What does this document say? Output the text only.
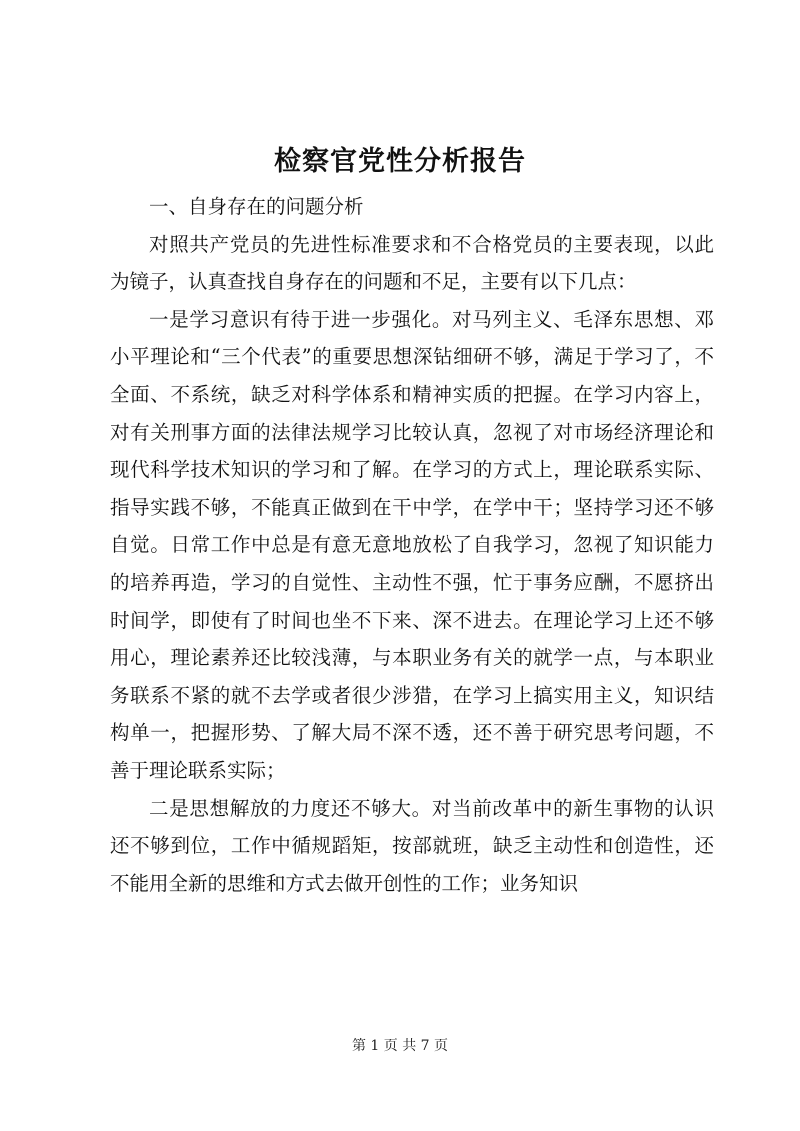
检察官党性分析报告

一、自身存在的问题分析

对照共产党员的先进性标准要求和不合格党员的主要表现，以此为镜子，认真查找自身存在的问题和不足，主要有以下几点：

一是学习意识有待于进一步强化。对马列主义、毛泽东思想、邓小平理论和“三个代表”的重要思想深钻细研不够，满足于学习了，不全面、不系统，缺乏对科学体系和精神实质的把握。在学习内容上，对有关刑事方面的法律法规学习比较认真，忽视了对市场经济理论和现代科学技术知识的学习和了解。在学习的方式上，理论联系实际、指导实践不够，不能真正做到在干中学，在学中干；坚持学习还不够自觉。日常工作中总是有意无意地放松了自我学习，忽视了知识能力的培养再造，学习的自觉性、主动性不强，忙于事务应酬，不愿挤出时间学，即使有了时间也坐不下来、深不进去。在理论学习上还不够用心，理论素养还比较浅薄，与本职业务有关的就学一点，与本职业务联系不紧的就不去学或者很少涉猎，在学习上搞实用主义，知识结构单一，把握形势、了解大局不深不透，还不善于研究思考问题，不善于理论联系实际；

二是思想解放的力度还不够大。对当前改革中的新生事物的认识还不够到位，工作中循规蹈矩，按部就班，缺乏主动性和创造性，还不能用全新的思维和方式去做开创性的工作；业务知识

第 1 页 共 7 页
